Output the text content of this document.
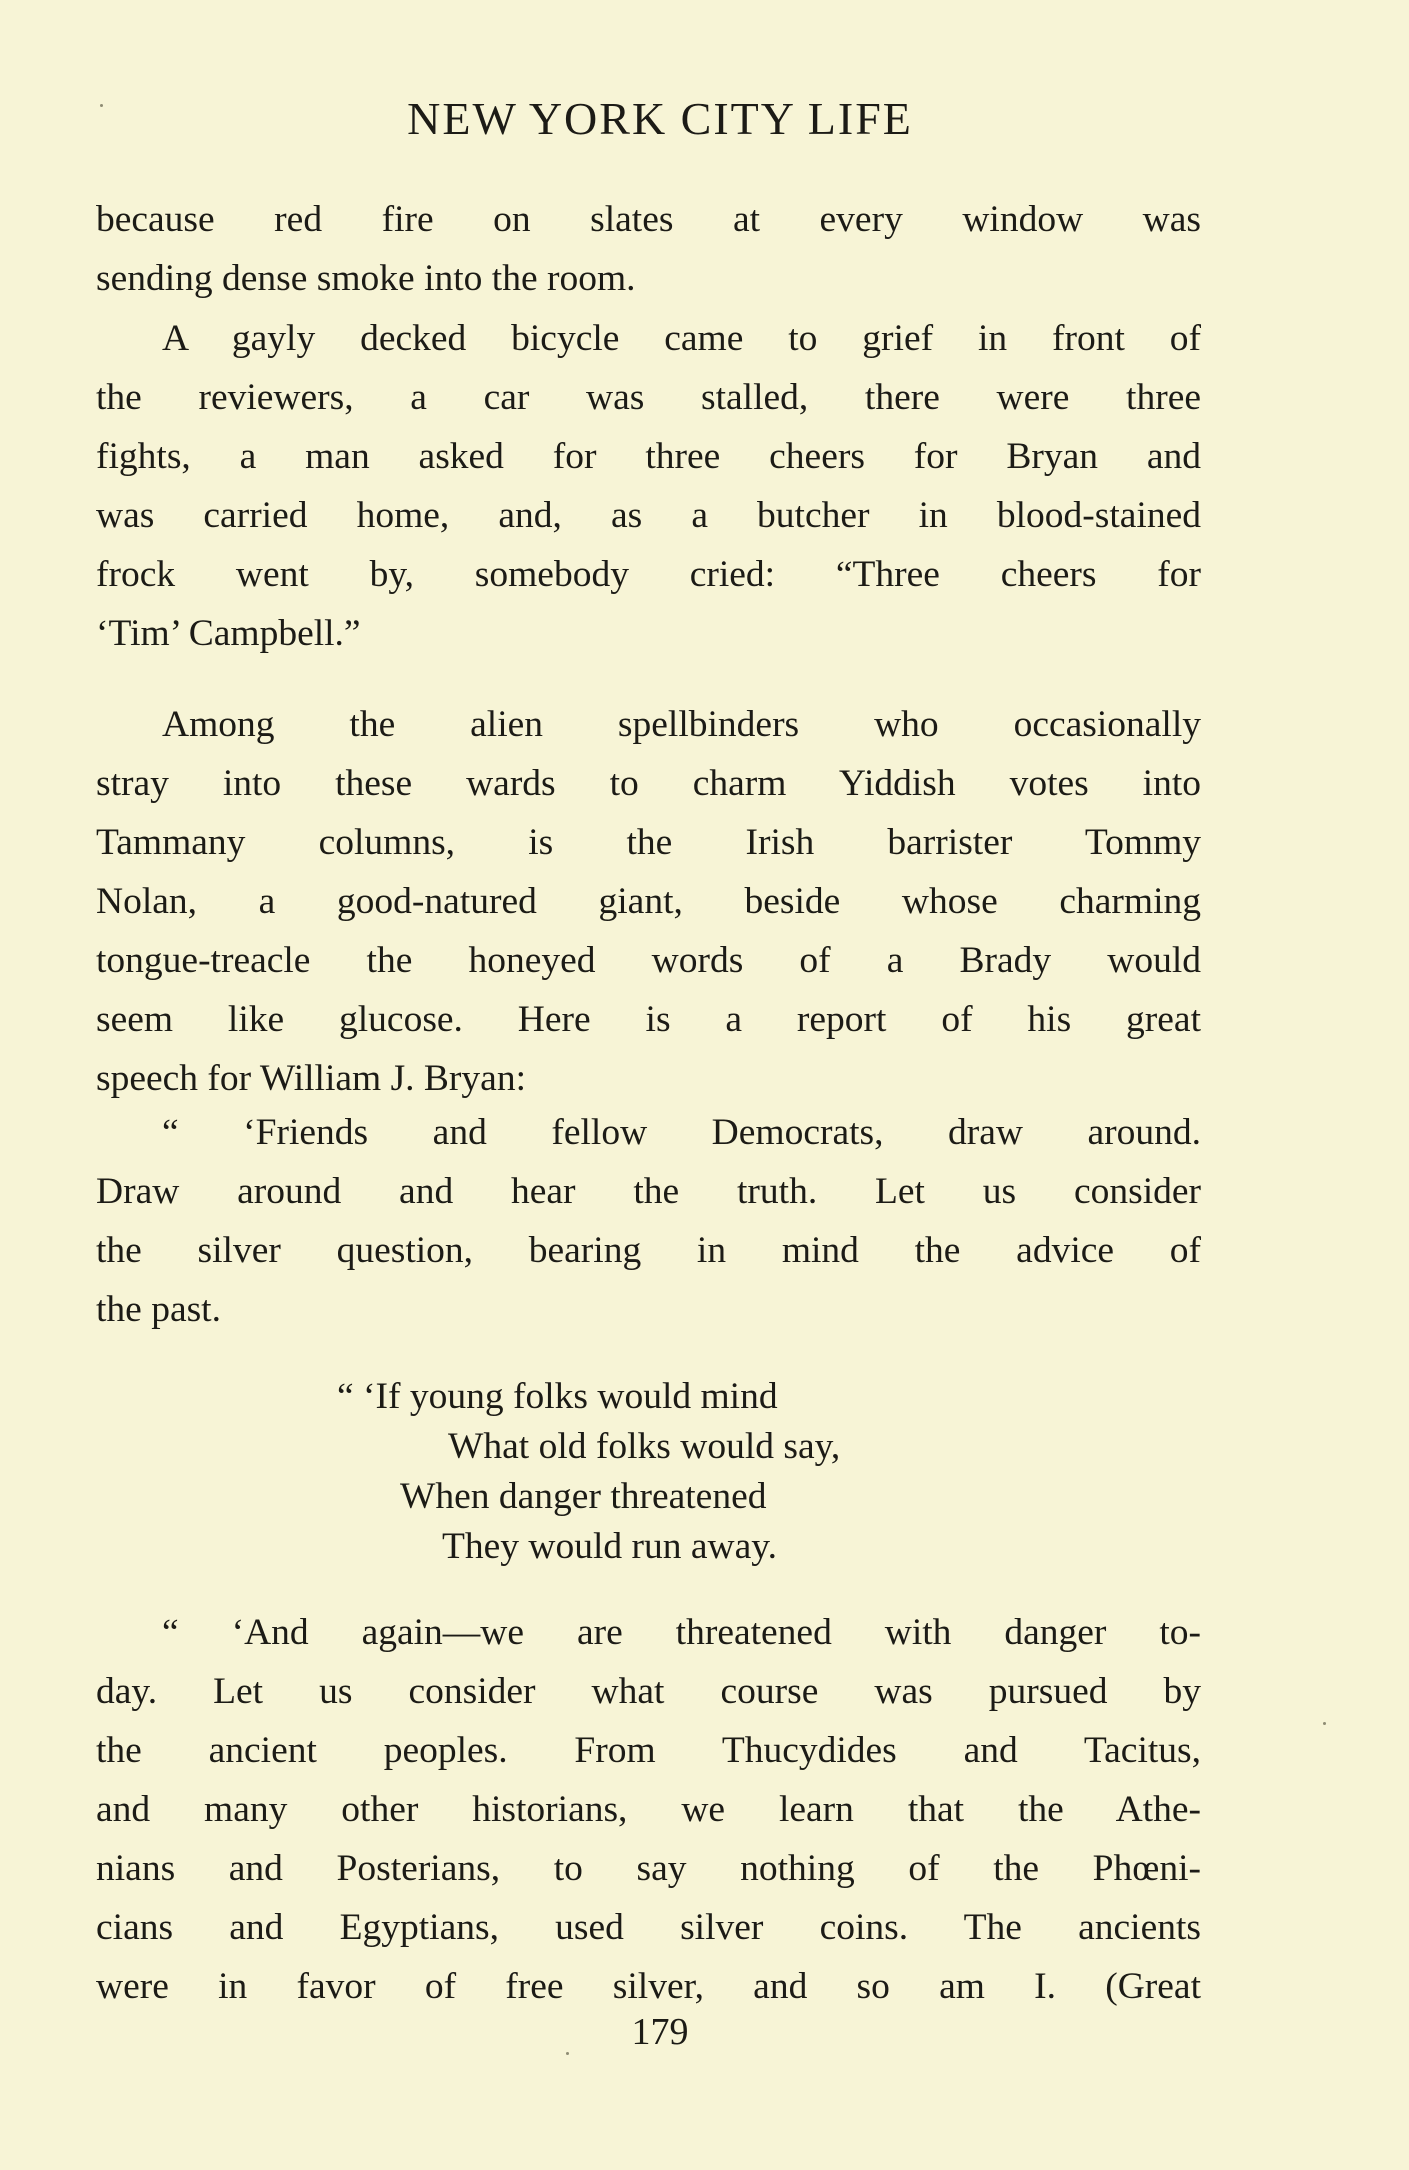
NEW YORK CITY LIFE
because red fire on slates at every window was
sending dense smoke into the room.
A gayly decked bicycle came to grief in front of
the reviewers, a car was stalled, there were three
fights, a man asked for three cheers for Bryan and
was carried home, and, as a butcher in blood-stained
frock went by, somebody cried: “Three cheers for
‘Tim’ Campbell.”
Among the alien spellbinders who occasionally
stray into these wards to charm Yiddish votes into
Tammany columns, is the Irish barrister Tommy
Nolan, a good-natured giant, beside whose charming
tongue-treacle the honeyed words of a Brady would
seem like glucose. Here is a report of his great
speech for William J. Bryan:
“ ‘Friends and fellow Democrats, draw around.
Draw around and hear the truth. Let us consider
the silver question, bearing in mind the advice of
the past.
“ ‘If young folks would mind
What old folks would say,
When danger threatened
They would run away.
“ ‘And again—we are threatened with danger to-
day. Let us consider what course was pursued by
the ancient peoples. From Thucydides and Tacitus,
and many other historians, we learn that the Athe-
nians and Posterians, to say nothing of the Phœni-
cians and Egyptians, used silver coins. The ancients
were in favor of free silver, and so am I. (Great
179
